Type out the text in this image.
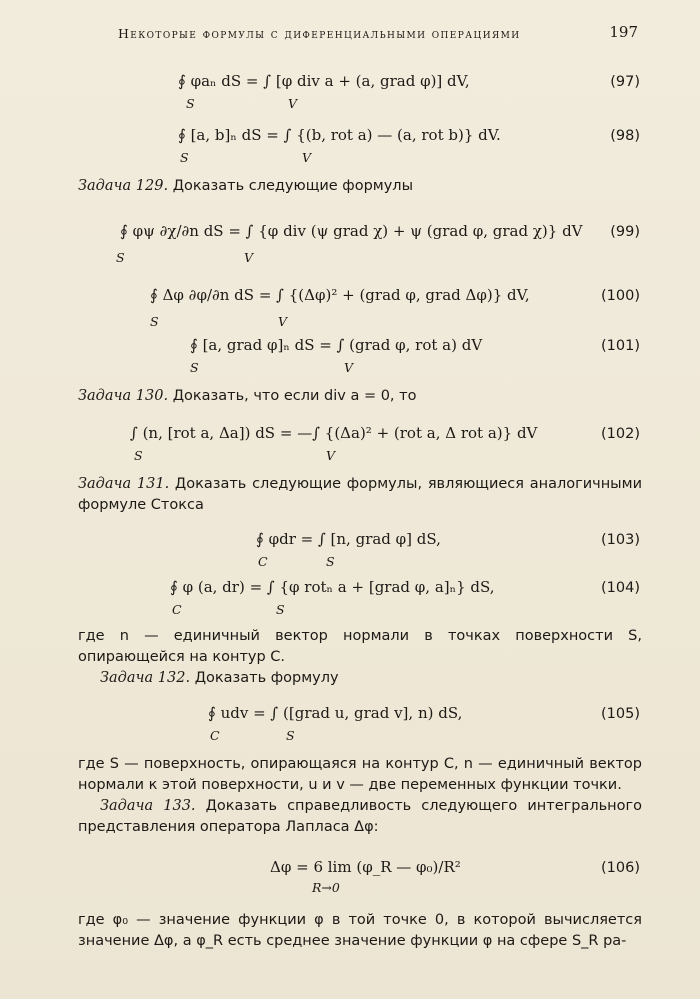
Некоторые формулы с диференциальными операциями	197
∮ φaₙ dS = ∫ [φ div a + (a, grad φ)] dV,
S	V
(97)
∮ [a, b]ₙ dS = ∫ {(b, rot a) — (a, rot b)} dV.
S	V
(98)
Задача 129. Доказать следующие формулы
∮ φψ ∂χ/∂n dS = ∫ {φ div (ψ grad χ) + ψ (grad φ, grad χ)} dV
S	V
(99)
∮ Δφ ∂φ/∂n dS = ∫ {(Δφ)² + (grad φ, grad Δφ)} dV,
S	V
(100)
∮ [a, grad φ]ₙ dS = ∫ (grad φ, rot a) dV
S	V
(101)
Задача 130. Доказать, что если div a = 0, то
∫ (n, [rot a, Δa]) dS = —∫ {(Δa)² + (rot a, Δ rot a)} dV
S	V
(102)
Задача 131. Доказать следующие формулы, являющиеся аналогичными формуле Стокса
∮ φdr = ∫ [n, grad φ] dS,
C	S
(103)
∮ φ (a, dr) = ∫ {φ rotₙ a + [grad φ, a]ₙ} dS,
C	S
(104)
где n — единичный вектор нормали в точках поверхности S, опирающейся на контур C.
Задача 132. Доказать формулу
∮ udv = ∫ ([grad u, grad v], n) dS,
C	S
(105)
где S — поверхность, опирающаяся на контур C, n — единичный вектор нормали к этой поверхности, u и v — две переменных функции точки.
Задача 133. Доказать справедливость следующего интегрального представления оператора Лапласа Δφ:
Δφ = 6 lim (φ_R — φ₀)/R²
R→0
(106)
где φ₀ — значение функции φ в той точке 0, в которой вычисляется значение Δφ, а φ_R есть среднее значение функции φ на сфере S_R ра-
